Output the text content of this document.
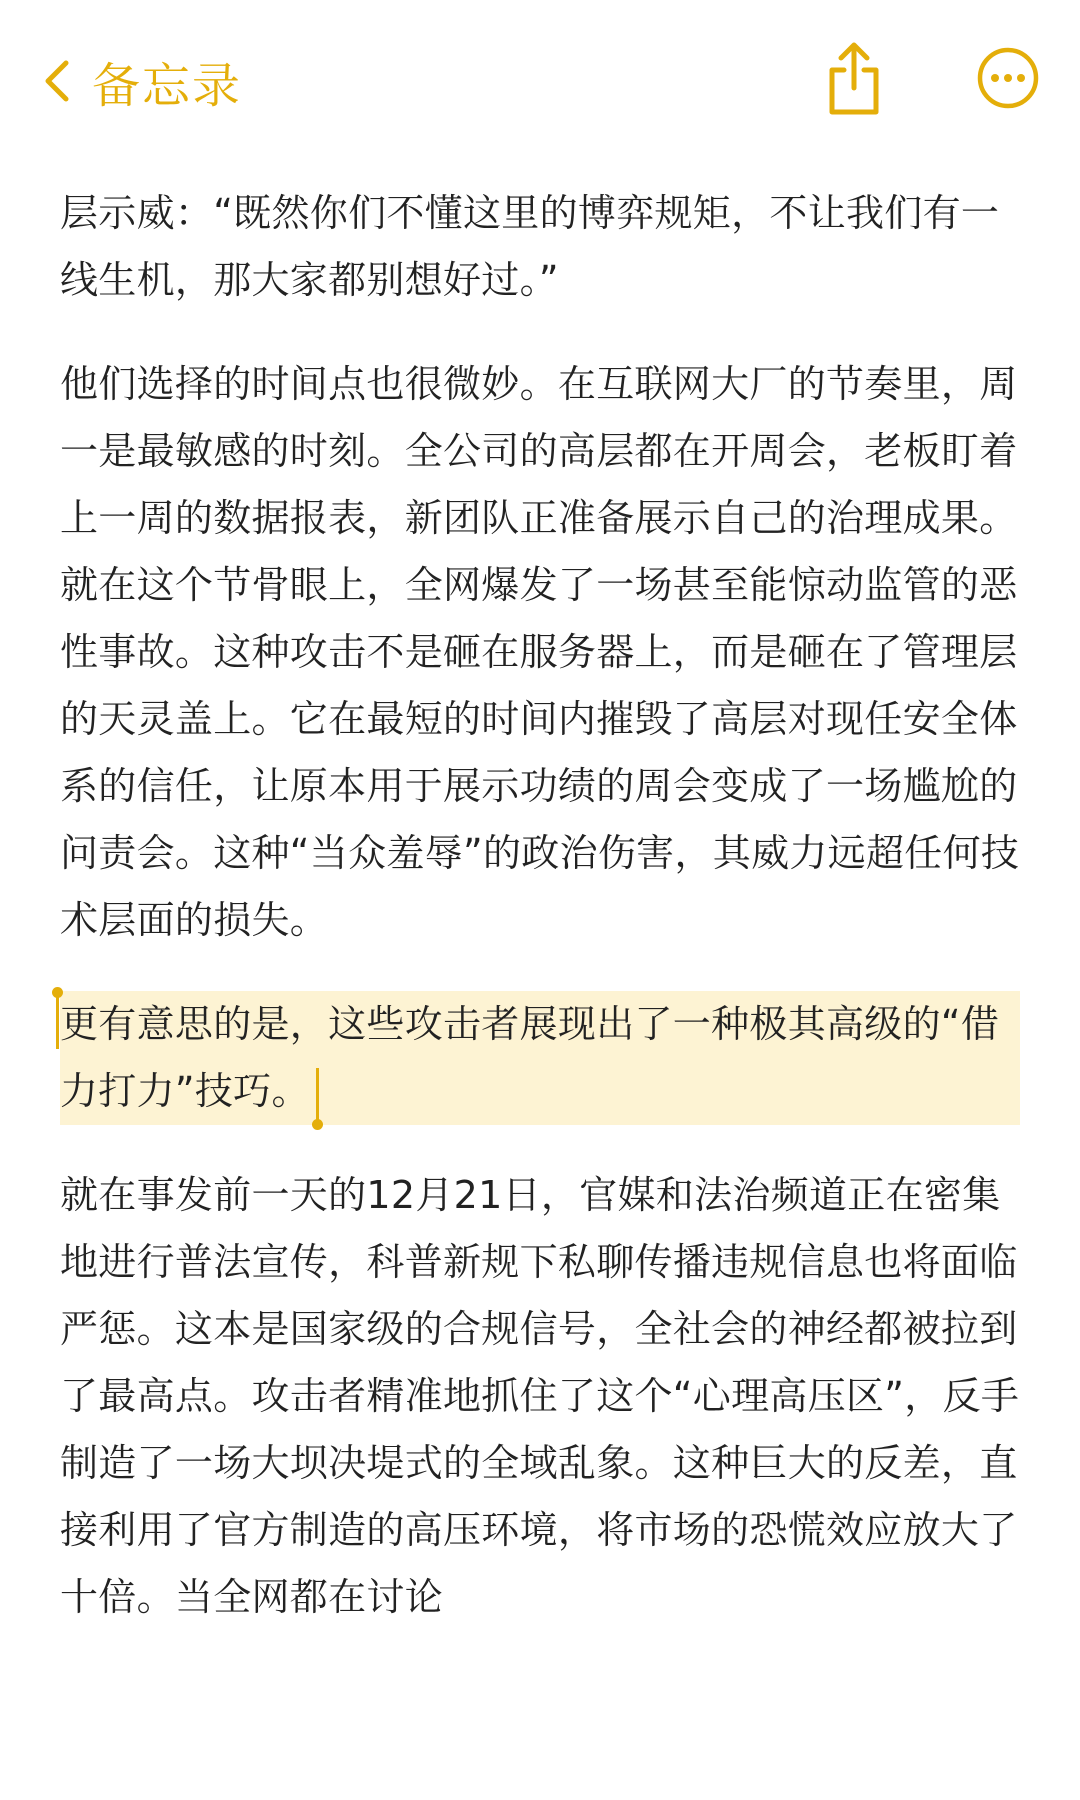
备忘录

层示威：“既然你们不懂这里的博弈规矩，不让我们有一线生机，那大家都别想好过。”

他们选择的时间点也很微妙。在互联网大厂的节奏里，周一是最敏感的时刻。全公司的高层都在开周会，老板盯着上一周的数据报表，新团队正准备展示自己的治理成果。就在这个节骨眼上，全网爆发了一场甚至能惊动监管的恶性事故。这种攻击不是砸在服务器上，而是砸在了管理层的天灵盖上。它在最短的时间内摧毁了高层对现任安全体系的信任，让原本用于展示功绩的周会变成了一场尴尬的问责会。这种“当众羞辱”的政治伤害，其威力远超任何技术层面的损失。

更有意思的是，这些攻击者展现出了一种极其高级的“借力打力”技巧。

就在事发前一天的12月21日，官媒和法治频道正在密集地进行普法宣传，科普新规下私聊传播违规信息也将面临严惩。这本是国家级的合规信号，全社会的神经都被拉到了最高点。攻击者精准地抓住了这个“心理高压区”，反手制造了一场大坝决堤式的全域乱象。这种巨大的反差，直接利用了官方制造的高压环境，将市场的恐慌效应放大了十倍。当全网都在讨论
